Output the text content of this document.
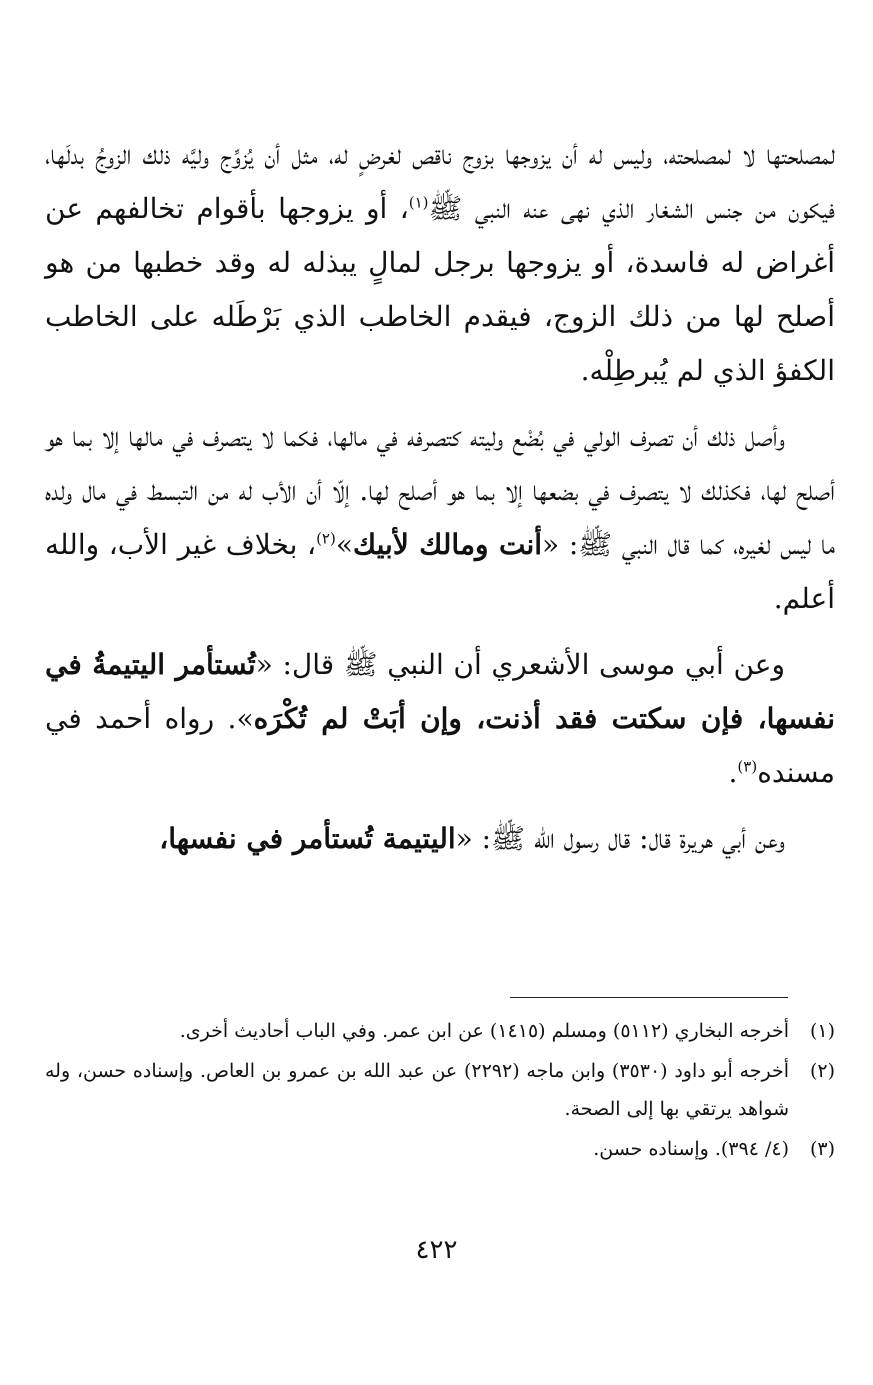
لمصلحتها لا لمصلحته، وليس له أن يزوجها بزوج ناقص لغرضٍ له، مثل أن يُزوِّج وليَّه ذلك الزوجُ بدلَها، فيكون من جنس الشغار الذي نهى عنه النبي ﷺ$^{(١)}$، أو يزوجها بأقوام تخالفهم عن أغراض له فاسدة، أو يزوجها برجل لمالٍ يبذله له وقد خطبها من هو أصلح لها من ذلك الزوج، فيقدم الخاطب الذي بَرْطَله على الخاطب الكفؤ الذي لم يُبرطِلْه.

وأصل ذلك أن تصرف الولي في بُضْع وليته كتصرفه في مالها، فكما لا يتصرف في مالها إلا بما هو أصلح لها، فكذلك لا يتصرف في بضعها إلا بما هو أصلح لها. إلّا أن الأب له من التبسط في مال ولده ما ليس لغيره، كما قال النبي ﷺ: «أنت ومالك لأبيك»$^{(٢)}$، بخلاف غير الأب، والله أعلم.

وعن أبي موسى الأشعري أن النبي ﷺ قال: «تُستأمر اليتيمةُ في نفسها، فإن سكتت فقد أذنت، وإن أبَتْ لم تُكْرَه». رواه أحمد في مسنده$^{(٣)}$.

وعن أبي هريرة قال: قال رسول الله ﷺ: «اليتيمة تُستأمر في نفسها،

(١)
أخرجه البخاري (٥١١٢) ومسلم (١٤١٥) عن ابن عمر. وفي الباب أحاديث أخرى.
(٢)
أخرجه أبو داود (٣٥٣٠) وابن ماجه (٢٢٩٢) عن عبد الله بن عمرو بن العاص. وإسناده حسن، وله شواهد يرتقي بها إلى الصحة.
(٣)
(٤/ ٣٩٤). وإسناده حسن.
٤٢٢
